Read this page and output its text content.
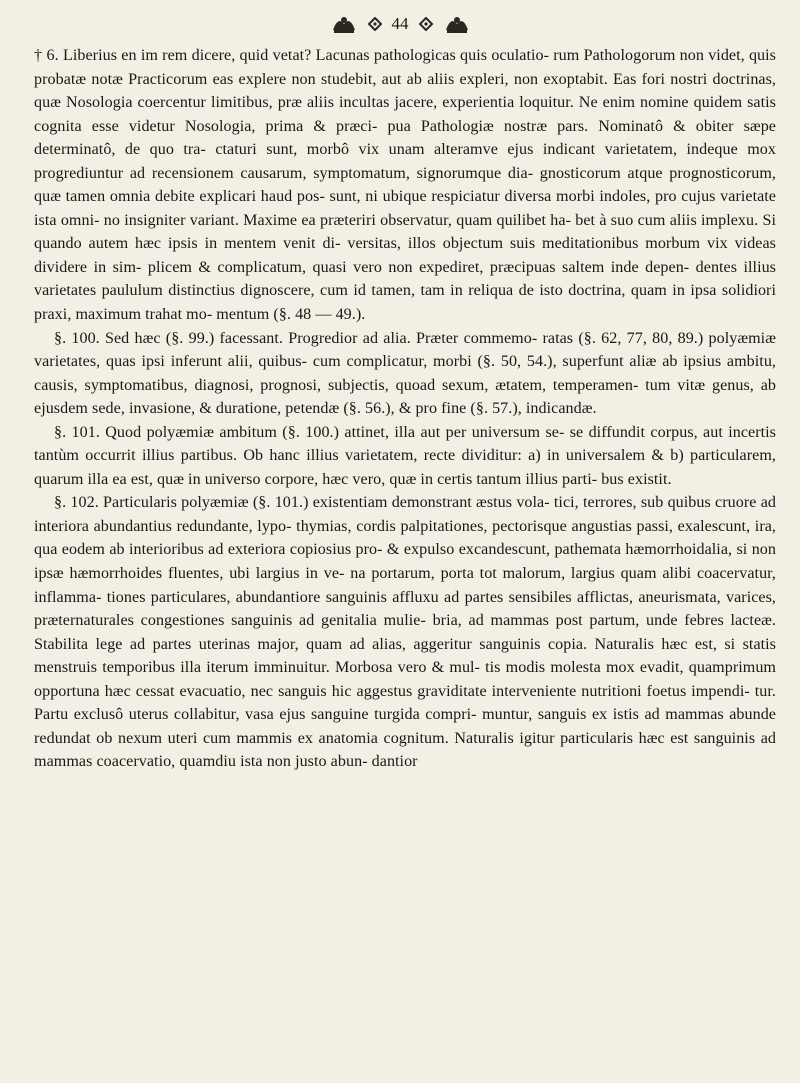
44

† 6. Liberius en im rem dicere, quid vetat? Lacunas pathologicas quis oculatio- rum Pathologorum non videt, quis probatæ notæ Practicorum eas explere non studebit, aut ab aliis expleri, non exoptabit. Eas fori nostri doctrinas, quæ Nosologia coercentur limitibus, præ aliis incultas jacere, experientia loquitur. Ne enim nomine quidem satis cognita esse videtur Nosologia, prima & præci- pua Pathologiæ nostræ pars. Nominatô & obiter sæpe determinatô, de quo tra- ctaturi sunt, morbô vix unam alteramve ejus indicant varietatem, indeque mox progrediuntur ad recensionem causarum, symptomatum, signorumque dia- gnosticorum atque prognosticorum, quæ tamen omnia debite explicari haud pos- sunt, ni ubique respiciatur diversa morbi indoles, pro cujus varietate ista omni- no insigniter variant. Maxime ea præteriri observatur, quam quilibet ha- bet à suo cum aliis implexu. Si quando autem hæc ipsis in mentem venit di- versitas, illos objectum suis meditationibus morbum vix videas dividere in sim- plicem & complicatum, quasi vero non expediret, præcipuas saltem inde depen- dentes illius varietates paululum distinctius dignoscere, cum id tamen, tam in reliqua de isto doctrina, quam in ipsa solidiori praxi, maximum trahat mo- mentum (§. 48 — 49.).

§. 100. Sed hæc (§. 99.) facessant. Progredior ad alia. Præter commemo- ratas (§. 62, 77, 80, 89.) polyæmiæ varietates, quas ipsi inferunt alii, quibus- cum complicatur, morbi (§. 50, 54.), superfunt aliæ ab ipsius ambitu, causis, symptomatibus, diagnosi, prognosi, subjectis, quoad sexum, ætatem, temperamen- tum vitæ genus, ab ejusdem sede, invasione, & duratione, petendæ (§. 56.), & pro fine (§. 57.), indicandæ.

§. 101. Quod polyæmiæ ambitum (§. 100.) attinet, illa aut per universum se- se diffundit corpus, aut incertis tantùm occurrit illius partibus. Ob hanc illius varietatem, recte dividitur: a) in universalem & b) particularem, quarum illa ea est, quæ in universo corpore, hæc vero, quæ in certis tantum illius parti- bus existit.

§. 102. Particularis polyæmiæ (§. 101.) existentiam demonstrant æstus vola- tici, terrores, sub quibus cruore ad interiora abundantius redundante, lypo- thymias, cordis palpitationes, pectorisque angustias passi, exalescunt, ira, qua eodem ab interioribus ad exteriora copiosius pro- & expulso excandescunt, pathemata hæmorrhoidalia, si non ipsæ hæmorrhoides fluentes, ubi largius in ve- na portarum, porta tot malorum, largius quam alibi coacervatur, inflamma- tiones particulares, abundantiore sanguinis affluxu ad partes sensibiles afflictas, aneurismata, varices, præternaturales congestiones sanguinis ad genitalia mulie- bria, ad mammas post partum, unde febres lacteæ. Stabilita lege ad partes uterinas major, quam ad alias, aggeritur sanguinis copia. Naturalis hæc est, si statis menstruis temporibus illa iterum imminuitur. Morbosa vero & mul- tis modis molesta mox evadit, quamprimum opportuna hæc cessat evacuatio, nec sanguis hic aggestus graviditate interveniente nutritioni foetus impendi- tur. Partu exclusô uterus collabitur, vasa ejus sanguine turgida compri- muntur, sanguis ex istis ad mammas abunde redundat ob nexum uteri cum mammis ex anatomia cognitum. Naturalis igitur particularis hæc est sanguinis ad mammas coacervatio, quamdiu ista non justo abun- dantior
